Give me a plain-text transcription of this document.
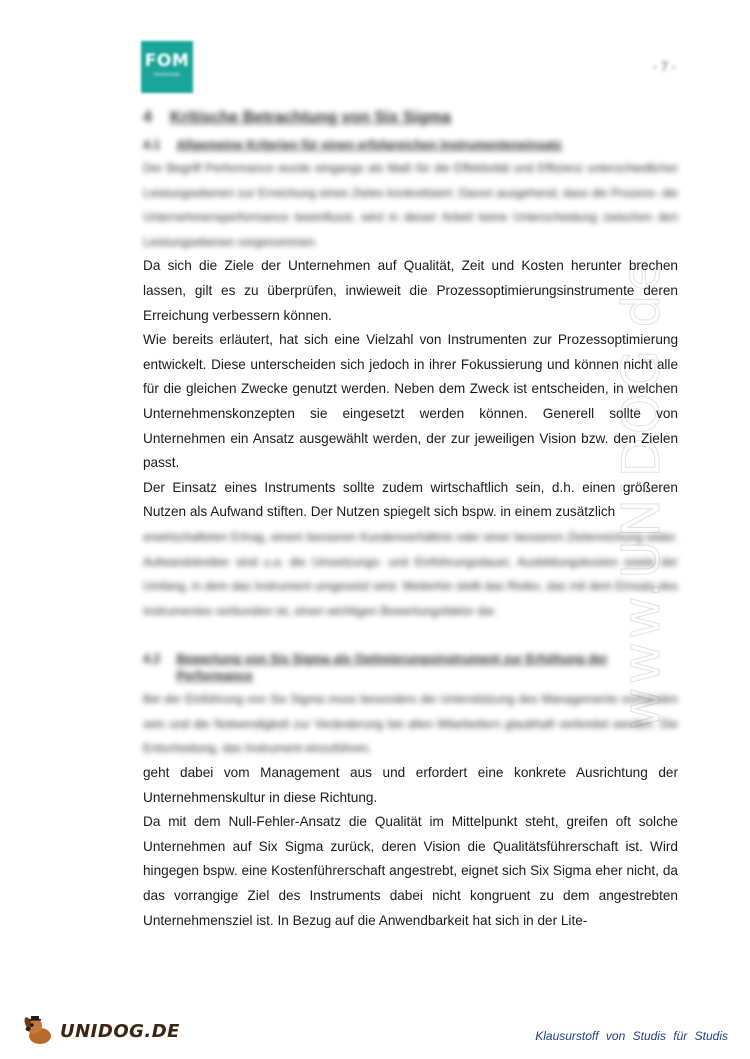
FOM
Hochschule
- 7 -
www.UNIDOG.de
4 Kritische Betrachtung von Six Sigma
4.1 Allgemeine Kriterien für einen erfolgreichen Instrumenteneinsatz

Der Begriff Performance wurde eingangs als Maß für die Effektivität und Effizienz unterschiedlicher Leistungsebenen zur Erreichung eines Zieles konkretisiert. Davon ausgehend, dass die Prozess- die Unternehmensperformance beeinflusst, wird in dieser Arbeit keine Unterscheidung zwischen den Leistungsebenen vorgenommen.

Da sich die Ziele der Unternehmen auf Qualität, Zeit und Kosten herunter brechen lassen, gilt es zu überprüfen, inwieweit die Prozessoptimierungsinstrumente deren Erreichung verbessern können.

Wie bereits erläutert, hat sich eine Vielzahl von Instrumenten zur Prozessoptimierung entwickelt. Diese unterscheiden sich jedoch in ihrer Fokussierung und können nicht alle für die gleichen Zwecke genutzt werden. Neben dem Zweck ist entscheiden, in welchen Unternehmenskonzepten sie eingesetzt werden können. Generell sollte von Unternehmen ein Ansatz ausgewählt werden, der zur jeweiligen Vision bzw. den Zielen passt.

Der Einsatz eines Instruments sollte zudem wirtschaftlich sein, d.h. einen größeren Nutzen als Aufwand stiften. Der Nutzen spiegelt sich bspw. in einem zusätzlich

erwirtschafteten Ertrag, einem besseren Kundenverhältnis oder einer besseren Zielerreichung wider. Aufwandstreiber sind u.a. die Umsetzungs- und Einführungsdauer, Ausbildungskosten sowie der Umfang, in dem das Instrument umgesetzt wird. Weiterhin stellt das Risiko, das mit dem Einsatz des Instrumentes verbunden ist, einen wichtigen Bewertungsfaktor dar.

4.2 Bewertung von Six Sigma als Optimierungsinstrument zur Erhöhung der Performance

Bei der Einführung von Six Sigma muss besonders die Unterstützung des Managements vorhanden sein und die Notwendigkeit zur Veränderung bei allen Mitarbeitern glaubhaft verbreitet werden. Die Entscheidung, das Instrument einzuführen,

geht dabei vom Management aus und erfordert eine konkrete Ausrichtung der Unternehmenskultur in diese Richtung.

Da mit dem Null-Fehler-Ansatz die Qualität im Mittelpunkt steht, greifen oft solche Unternehmen auf Six Sigma zurück, deren Vision die Qualitätsführerschaft ist. Wird hingegen bspw. eine Kostenführerschaft angestrebt, eignet sich Six Sigma eher nicht, da das vorrangige Ziel des Instruments dabei nicht kongruent zu dem angestrebten Unternehmensziel ist. In Bezug auf die Anwendbarkeit hat sich in der Lite-

UNIDOG.DE	Klausurstoff von Studis für Studis
